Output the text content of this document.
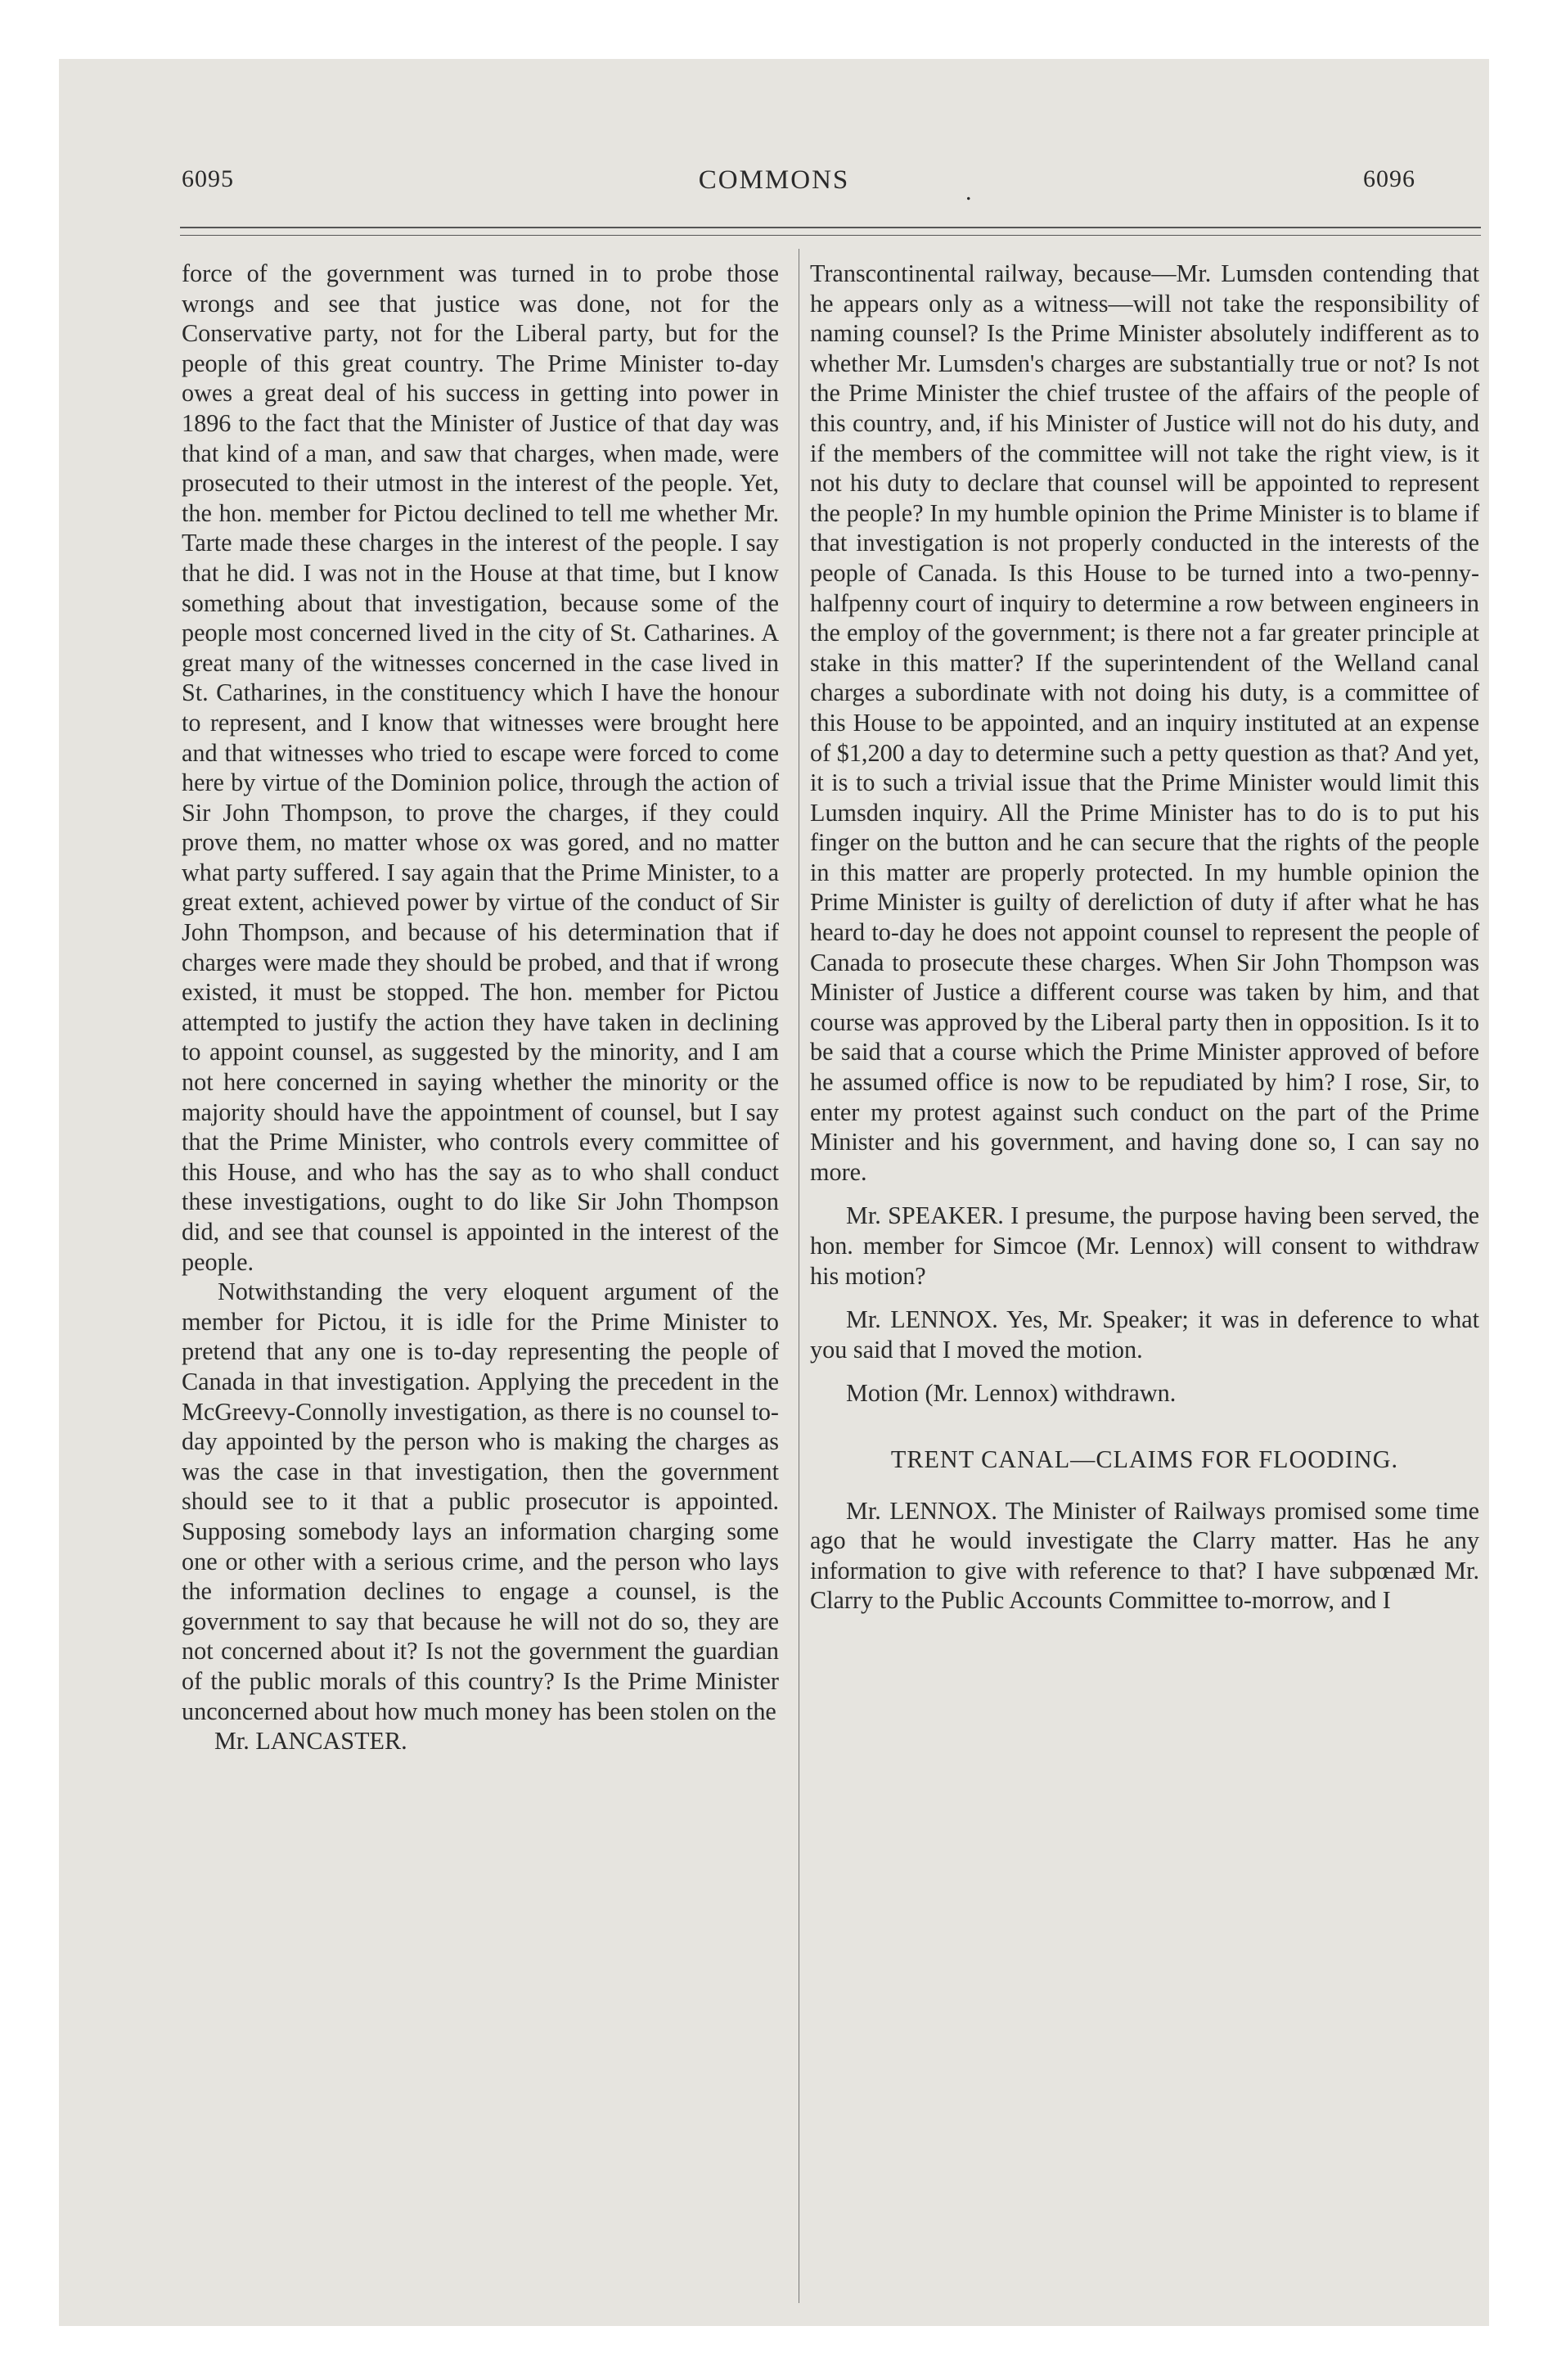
6095	COMMONS	.	6096

force of the government was turned in to probe those wrongs and see that justice was done, not for the Conservative party, not for the Liberal party, but for the people of this great country. The Prime Minister to-day owes a great deal of his success in getting into power in 1896 to the fact that the Minister of Justice of that day was that kind of a man, and saw that charges, when made, were prosecuted to their utmost in the interest of the people. Yet, the hon. member for Pictou declined to tell me whether Mr. Tarte made these charges in the interest of the people. I say that he did. I was not in the House at that time, but I know something about that investigation, because some of the people most concerned lived in the city of St. Catharines. A great many of the witnesses concerned in the case lived in St. Catharines, in the constituency which I have the honour to represent, and I know that witnesses were brought here and that witnesses who tried to escape were forced to come here by virtue of the Dominion police, through the action of Sir John Thompson, to prove the charges, if they could prove them, no matter whose ox was gored, and no matter what party suffered. I say again that the Prime Minister, to a great extent, achieved power by virtue of the conduct of Sir John Thompson, and because of his determination that if charges were made they should be probed, and that if wrong existed, it must be stopped. The hon. member for Pictou attempted to justify the action they have taken in declining to appoint counsel, as suggested by the minority, and I am not here concerned in saying whether the minority or the majority should have the appointment of counsel, but I say that the Prime Minister, who controls every committee of this House, and who has the say as to who shall conduct these investigations, ought to do like Sir John Thompson did, and see that counsel is appointed in the interest of the people.

Notwithstanding the very eloquent argument of the member for Pictou, it is idle for the Prime Minister to pretend that any one is to-day representing the people of Canada in that investigation. Applying the precedent in the McGreevy-Connolly investigation, as there is no counsel to-day appointed by the person who is making the charges as was the case in that investigation, then the government should see to it that a public prosecutor is appointed. Supposing somebody lays an information charging some one or other with a serious crime, and the person who lays the information declines to engage a counsel, is the government to say that because he will not do so, they are not concerned about it? Is not the government the guardian of the public morals of this country? Is the Prime Minister unconcerned about how much money has been stolen on the

Mr. LANCASTER.

Transcontinental railway, because—Mr. Lumsden contending that he appears only as a witness—will not take the responsibility of naming counsel? Is the Prime Minister absolutely indifferent as to whether Mr. Lumsden's charges are substantially true or not? Is not the Prime Minister the chief trustee of the affairs of the people of this country, and, if his Minister of Justice will not do his duty, and if the members of the committee will not take the right view, is it not his duty to declare that counsel will be appointed to represent the people? In my humble opinion the Prime Minister is to blame if that investigation is not properly conducted in the interests of the people of Canada. Is this House to be turned into a two-penny-halfpenny court of inquiry to determine a row between engineers in the employ of the government; is there not a far greater principle at stake in this matter? If the superintendent of the Welland canal charges a subordinate with not doing his duty, is a committee of this House to be appointed, and an inquiry instituted at an expense of $1,200 a day to determine such a petty question as that? And yet, it is to such a trivial issue that the Prime Minister would limit this Lumsden inquiry. All the Prime Minister has to do is to put his finger on the button and he can secure that the rights of the people in this matter are properly protected. In my humble opinion the Prime Minister is guilty of dereliction of duty if after what he has heard to-day he does not appoint counsel to represent the people of Canada to prosecute these charges. When Sir John Thompson was Minister of Justice a different course was taken by him, and that course was approved by the Liberal party then in opposition. Is it to be said that a course which the Prime Minister approved of before he assumed office is now to be repudiated by him? I rose, Sir, to enter my protest against such conduct on the part of the Prime Minister and his government, and having done so, I can say no more.

Mr. SPEAKER. I presume, the purpose having been served, the hon. member for Simcoe (Mr. Lennox) will consent to withdraw his motion?

Mr. LENNOX. Yes, Mr. Speaker; it was in deference to what you said that I moved the motion.

Motion (Mr. Lennox) withdrawn.

TRENT CANAL—CLAIMS FOR FLOODING.

Mr. LENNOX. The Minister of Railways promised some time ago that he would investigate the Clarry matter. Has he any information to give with reference to that? I have subpœnæd Mr. Clarry to the Public Accounts Committee to-morrow, and I
